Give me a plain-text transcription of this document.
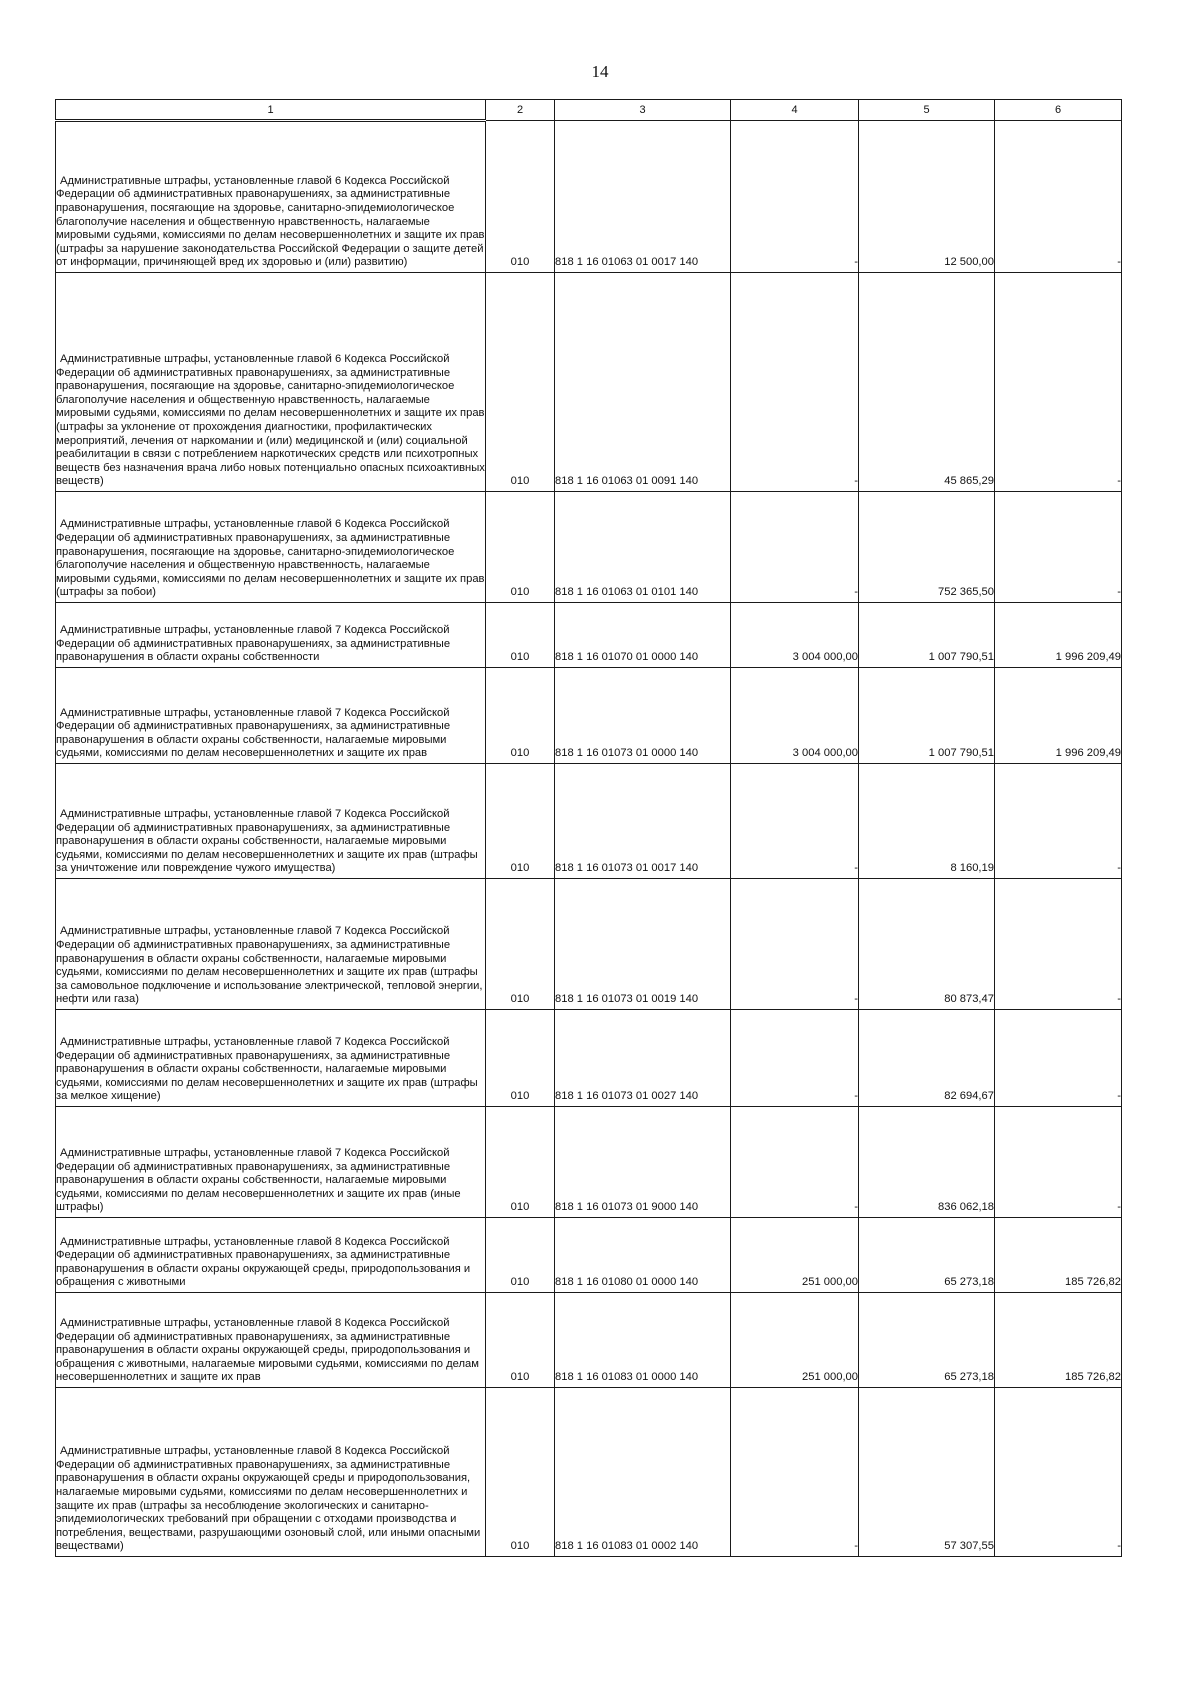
14
1	2	3	4	5	6
Административные штрафы, установленные главой 6 Кодекса Российской Федерации об административных правонарушениях, за административные правонарушения, посягающие на здоровье, санитарно-эпидемиологическое благополучие населения и общественную нравственность, налагаемые мировыми судьями, комиссиями по делам несовершеннолетних и защите их прав (штрафы за нарушение законодательства Российской Федерации о защите детей от информации, причиняющей вред их здоровью и (или) развитию)	010	818 1 16 01063 01 0017 140	-	12 500,00	-
Административные штрафы, установленные главой 6 Кодекса Российской Федерации об административных правонарушениях, за административные правонарушения, посягающие на здоровье, санитарно-эпидемиологическое благополучие населения и общественную нравственность, налагаемые мировыми судьями, комиссиями по делам несовершеннолетних и защите их прав (штрафы за уклонение от прохождения диагностики, профилактических мероприятий, лечения от наркомании и (или) медицинской и (или) социальной реабилитации в связи с потреблением наркотических средств или психотропных веществ без назначения врача либо новых потенциально опасных психоактивных веществ)	010	818 1 16 01063 01 0091 140	-	45 865,29	-
Административные штрафы, установленные главой 6 Кодекса Российской Федерации об административных правонарушениях, за административные правонарушения, посягающие на здоровье, санитарно-эпидемиологическое благополучие населения и общественную нравственность, налагаемые мировыми судьями, комиссиями по делам несовершеннолетних и защите их прав (штрафы за побои)	010	818 1 16 01063 01 0101 140	-	752 365,50	-
Административные штрафы, установленные главой 7 Кодекса Российской Федерации об административных правонарушениях, за административные правонарушения в области охраны собственности	010	818 1 16 01070 01 0000 140	3 004 000,00	1 007 790,51	1 996 209,49
Административные штрафы, установленные главой 7 Кодекса Российской Федерации об административных правонарушениях, за административные правонарушения в области охраны собственности, налагаемые мировыми судьями, комиссиями по делам несовершеннолетних и защите их прав	010	818 1 16 01073 01 0000 140	3 004 000,00	1 007 790,51	1 996 209,49
Административные штрафы, установленные главой 7 Кодекса Российской Федерации об административных правонарушениях, за административные правонарушения в области охраны собственности, налагаемые мировыми судьями, комиссиями по делам несовершеннолетних и защите их прав (штрафы за уничтожение или повреждение чужого имущества)	010	818 1 16 01073 01 0017 140	-	8 160,19	-
Административные штрафы, установленные главой 7 Кодекса Российской Федерации об административных правонарушениях, за административные правонарушения в области охраны собственности, налагаемые мировыми судьями, комиссиями по делам несовершеннолетних и защите их прав (штрафы за самовольное подключение и использование электрической, тепловой энергии, нефти или газа)	010	818 1 16 01073 01 0019 140	-	80 873,47	-
Административные штрафы, установленные главой 7 Кодекса Российской Федерации об административных правонарушениях, за административные правонарушения в области охраны собственности, налагаемые мировыми судьями, комиссиями по делам несовершеннолетних и защите их прав (штрафы за мелкое хищение)	010	818 1 16 01073 01 0027 140	-	82 694,67	-
Административные штрафы, установленные главой 7 Кодекса Российской Федерации об административных правонарушениях, за административные правонарушения в области охраны собственности, налагаемые мировыми судьями, комиссиями по делам несовершеннолетних и защите их прав (иные штрафы)	010	818 1 16 01073 01 9000 140	-	836 062,18	-
Административные штрафы, установленные главой 8 Кодекса Российской Федерации об административных правонарушениях, за административные правонарушения в области охраны окружающей среды, природопользования и обращения с животными	010	818 1 16 01080 01 0000 140	251 000,00	65 273,18	185 726,82
Административные штрафы, установленные главой 8 Кодекса Российской Федерации об административных правонарушениях, за административные правонарушения в области охраны окружающей среды, природопользования и обращения с животными, налагаемые мировыми судьями, комиссиями по делам несовершеннолетних и защите их прав	010	818 1 16 01083 01 0000 140	251 000,00	65 273,18	185 726,82
Административные штрафы, установленные главой 8 Кодекса Российской Федерации об административных правонарушениях, за административные правонарушения в области охраны окружающей среды и природопользования, налагаемые мировыми судьями, комиссиями по делам несовершеннолетних и защите их прав (штрафы за несоблюдение экологических и санитарно-эпидемиологических требований при обращении с отходами производства и потребления, веществами, разрушающими озоновый слой, или иными опасными веществами)	010	818 1 16 01083 01 0002 140	-	57 307,55	-
